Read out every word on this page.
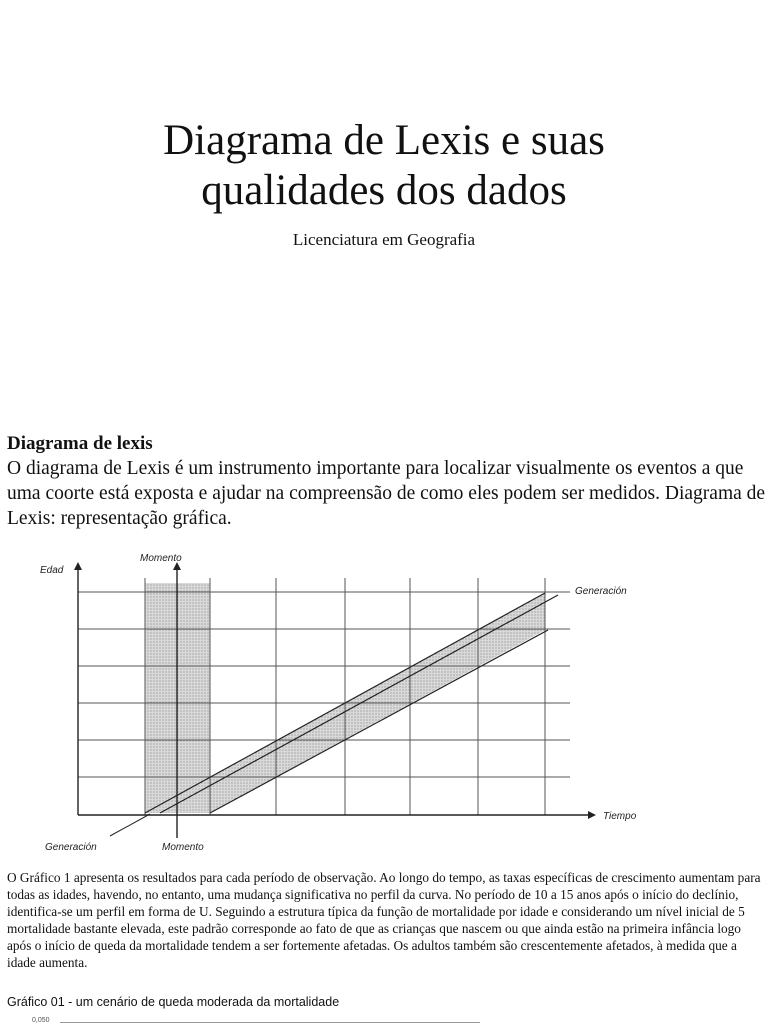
Diagrama de Lexis e suas
qualidades dos dados
Licenciatura em Geografia
Diagrama de lexis
O diagrama de Lexis é um instrumento importante para localizar visualmente os eventos a que uma coorte está exposta e ajudar na compreensão de como eles podem ser medidos. Diagrama de Lexis: representação gráfica.
Edad
Momento
Generación
Tiempo
Generación	Momento
O Gráfico 1 apresenta os resultados para cada período de observação. Ao longo do tempo, as taxas específicas de crescimento aumentam para todas as idades, havendo, no entanto, uma mudança significativa no perfil da curva. No período de 10 a 15 anos após o início do declínio, identifica-se um perfil em forma de U. Seguindo a estrutura típica da função de mortalidade por idade e considerando um nível inicial de 5 mortalidade bastante elevada, este padrão corresponde ao fato de que as crianças que nascem ou que ainda estão na primeira infância logo após o início de queda da mortalidade tendem a ser fortemente afetadas. Os adultos também são crescentemente afetados, à medida que a idade aumenta.
Gráfico 01 - um cenário de queda moderada da mortalidade
0,050
